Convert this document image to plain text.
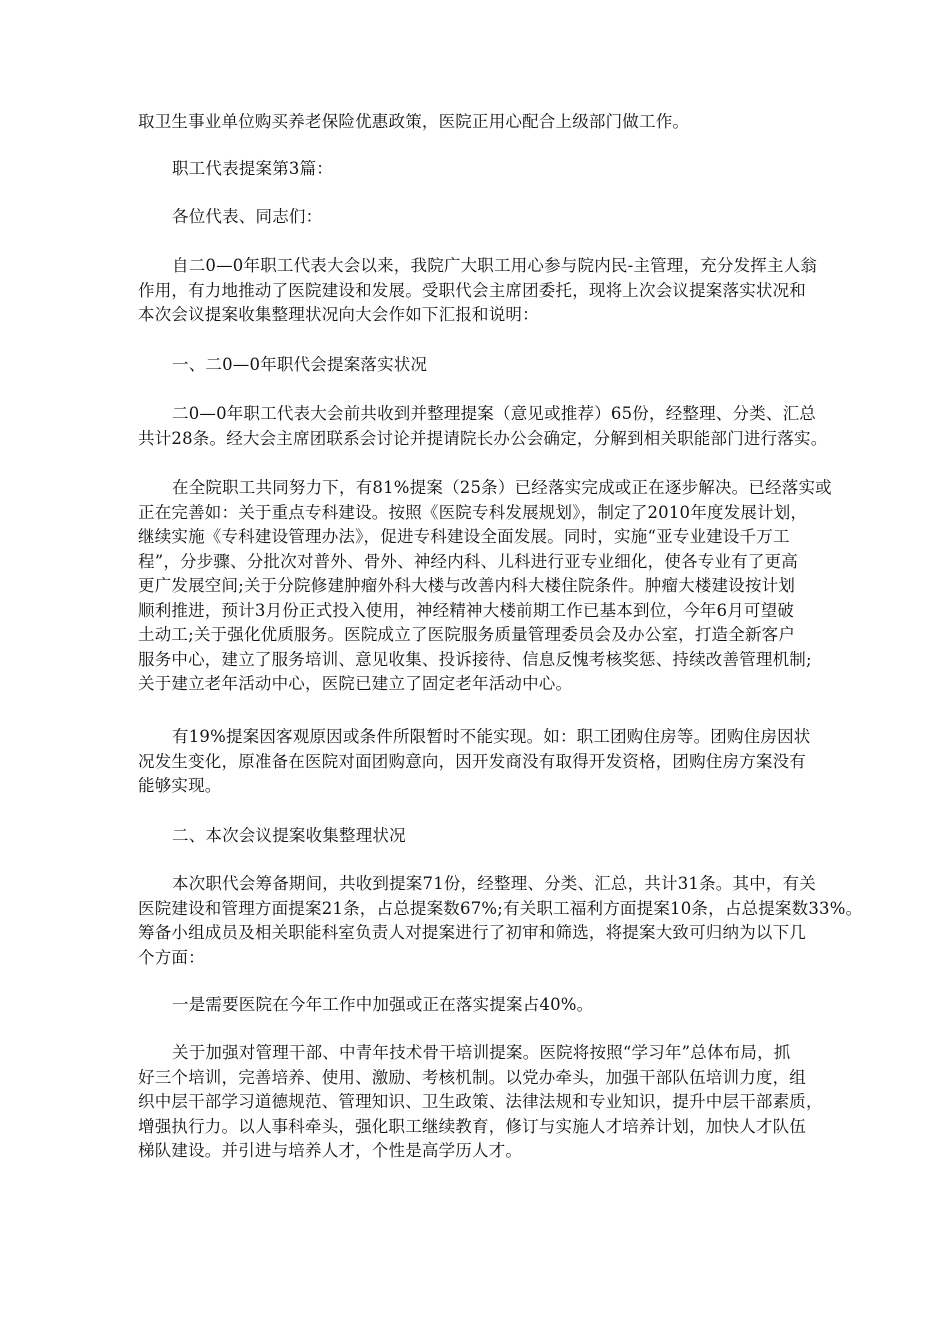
取卫生事业单位购买养老保险优惠政策，医院正用心配合上级部门做工作。

职工代表提案第3篇：

各位代表、同志们：

自二0—0年职工代表大会以来，我院广大职工用心参与院内民-主管理，充分发挥主人翁
作用，有力地推动了医院建设和发展。受职代会主席团委托，现将上次会议提案落实状况和
本次会议提案收集整理状况向大会作如下汇报和说明：

一、二0—0年职代会提案落实状况

二0—0年职工代表大会前共收到并整理提案（意见或推荐）65份，经整理、分类、汇总
共计28条。经大会主席团联系会讨论并提请院长办公会确定，分解到相关职能部门进行落实。

在全院职工共同努力下，有81%提案（25条）已经落实完成或正在逐步解决。已经落实或
正在完善如：关于重点专科建设。按照《医院专科发展规划》，制定了2010年度发展计划，
继续实施《专科建设管理办法》，促进专科建设全面发展。同时，实施“亚专业建设千万工
程”，分步骤、分批次对普外、骨外、神经内科、儿科进行亚专业细化，使各专业有了更高
更广发展空间;关于分院修建肿瘤外科大楼与改善内科大楼住院条件。肿瘤大楼建设按计划
顺利推进，预计3月份正式投入使用，神经精神大楼前期工作已基本到位，今年6月可望破
土动工;关于强化优质服务。医院成立了医院服务质量管理委员会及办公室，打造全新客户
服务中心，建立了服务培训、意见收集、投诉接待、信息反愧考核奖惩、持续改善管理机制;
关于建立老年活动中心，医院已建立了固定老年活动中心。

有19%提案因客观原因或条件所限暂时不能实现。如：职工团购住房等。团购住房因状
况发生变化，原准备在医院对面团购意向，因开发商没有取得开发资格，团购住房方案没有
能够实现。

二、本次会议提案收集整理状况

本次职代会筹备期间，共收到提案71份，经整理、分类、汇总，共计31条。其中，有关
医院建设和管理方面提案21条，占总提案数67%;有关职工福利方面提案10条，占总提案数33%。
筹备小组成员及相关职能科室负责人对提案进行了初审和筛选，将提案大致可归纳为以下几
个方面：

一是需要医院在今年工作中加强或正在落实提案占40%。

关于加强对管理干部、中青年技术骨干培训提案。医院将按照“学习年”总体布局，抓
好三个培训，完善培养、使用、激励、考核机制。以党办牵头，加强干部队伍培训力度，组
织中层干部学习道德规范、管理知识、卫生政策、法律法规和专业知识，提升中层干部素质，
增强执行力。以人事科牵头，强化职工继续教育，修订与实施人才培养计划，加快人才队伍
梯队建设。并引进与培养人才，个性是高学历人才。
